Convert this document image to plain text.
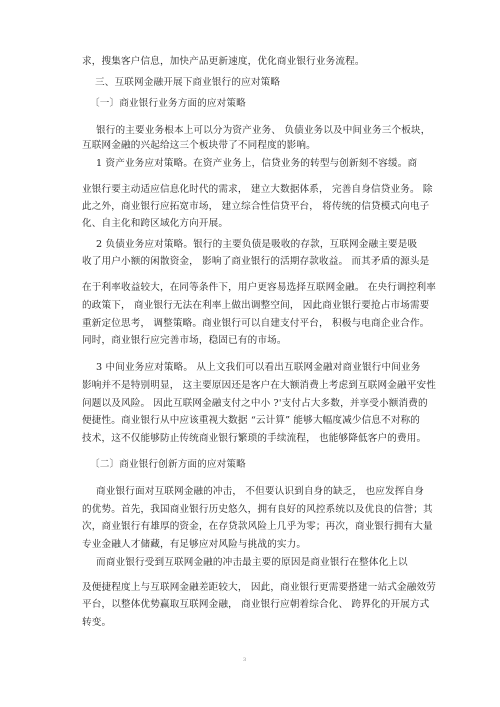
求，搜集客户信息，加快产品更新速度，优化商业银行业务流程。
三、互联网金融开展下商业银行的应对策略
〔一〕商业银行业务方面的应对策略
银行的主要业务根本上可以分为资产业务、 负债业务以及中间业务三个板块，
互联网金融的兴起给这三个板块带了不同程度的影响。
1 资产业务应对策略。在资产业务上，信贷业务的转型与创新刻不容缓。商
业银行要主动适应信息化时代的需求， 建立大数据体系， 完善自身信贷业务。 除
此之外，商业银行应拓宽市场， 建立综合性信贷平台， 将传统的信贷模式向电子
化、自主化和跨区域化方向开展。
2 负债业务应对策略。银行的主要负债是吸收的存款，互联网金融主要是吸
收了用户小额的闲散资金， 影响了商业银行的活期存款收益。 而其矛盾的源头是
在于利率收益较大，在同等条件下，用户更容易选择互联网金融。 在央行调控利率
的政策下， 商业银行无法在利率上做出调整空间， 因此商业银行要抢占市场需要
重新定位思考， 调整策略。商业银行可以自建支付平台， 积极与电商企业合作。
同时，商业银行应完善市场，稳固已有的市场。
3 中间业务应对策略。 从上文我们可以看出互联网金融对商业银行中间业务
影响并不是特别明显， 这主要原因还是客户在大额消费上考虑到互联网金融平安性
问题以及风险。 因此互联网金融支付之中小 ?'支付占大多数，并享受小额消费的
便捷性。商业银行从中应该重视大数据 “云计算” 能够大幅度减少信息不对称的
技术，这不仅能够防止传统商业银行繁琐的手续流程， 也能够降低客户的费用。
〔二〕商业银行创新方面的应对策略
商业银行面对互联网金融的冲击， 不但要认识到自身的缺乏， 也应发挥自身
的优势。首先，我国商业银行历史悠久，拥有良好的风控系统以及优良的信誉；其
次，商业银行有雄厚的资金，在存贷款风险上几乎为零；再次，商业银行拥有大量
专业金融人才储藏，有足够应对风险与挑战的实力。
而商业银行受到互联网金融的冲击最主要的原因是商业银行在整体化上以
及便捷程度上与互联网金融差距较大， 因此，商业银行更需要搭建一站式金融效劳
平台，以整体优势赢取互联网金融， 商业银行应朝着综合化、 跨界化的开展方式
转变。
3
